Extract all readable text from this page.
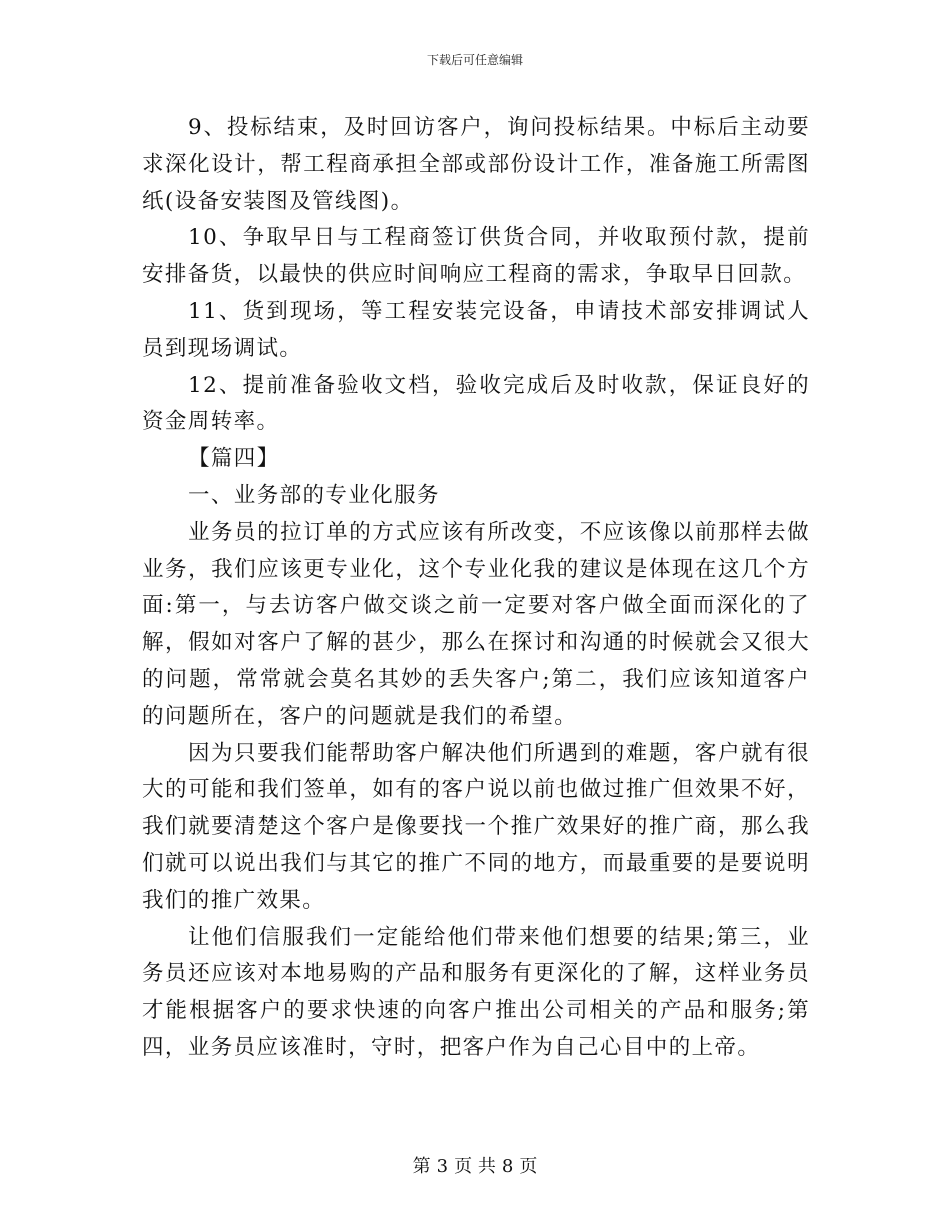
下载后可任意编辑

9、投标结束，及时回访客户，询问投标结果。中标后主动要求深化设计，帮工程商承担全部或部份设计工作，准备施工所需图纸(设备安装图及管线图)。

10、争取早日与工程商签订供货合同，并收取预付款，提前安排备货，以最快的供应时间响应工程商的需求，争取早日回款。

11、货到现场，等工程安装完设备，申请技术部安排调试人员到现场调试。

12、提前准备验收文档，验收完成后及时收款，保证良好的资金周转率。

【篇四】

一、业务部的专业化服务

业务员的拉订单的方式应该有所改变，不应该像以前那样去做业务，我们应该更专业化，这个专业化我的建议是体现在这几个方面:第一，与去访客户做交谈之前一定要对客户做全面而深化的了解，假如对客户了解的甚少，那么在探讨和沟通的时候就会又很大的问题，常常就会莫名其妙的丢失客户;第二，我们应该知道客户的问题所在，客户的问题就是我们的希望。

因为只要我们能帮助客户解决他们所遇到的难题，客户就有很大的可能和我们签单，如有的客户说以前也做过推广但效果不好，我们就要清楚这个客户是像要找一个推广效果好的推广商，那么我们就可以说出我们与其它的推广不同的地方，而最重要的是要说明我们的推广效果。

让他们信服我们一定能给他们带来他们想要的结果;第三，业务员还应该对本地易购的产品和服务有更深化的了解，这样业务员才能根据客户的要求快速的向客户推出公司相关的产品和服务;第四，业务员应该准时，守时，把客户作为自己心目中的上帝。

第 3 页 共 8 页
